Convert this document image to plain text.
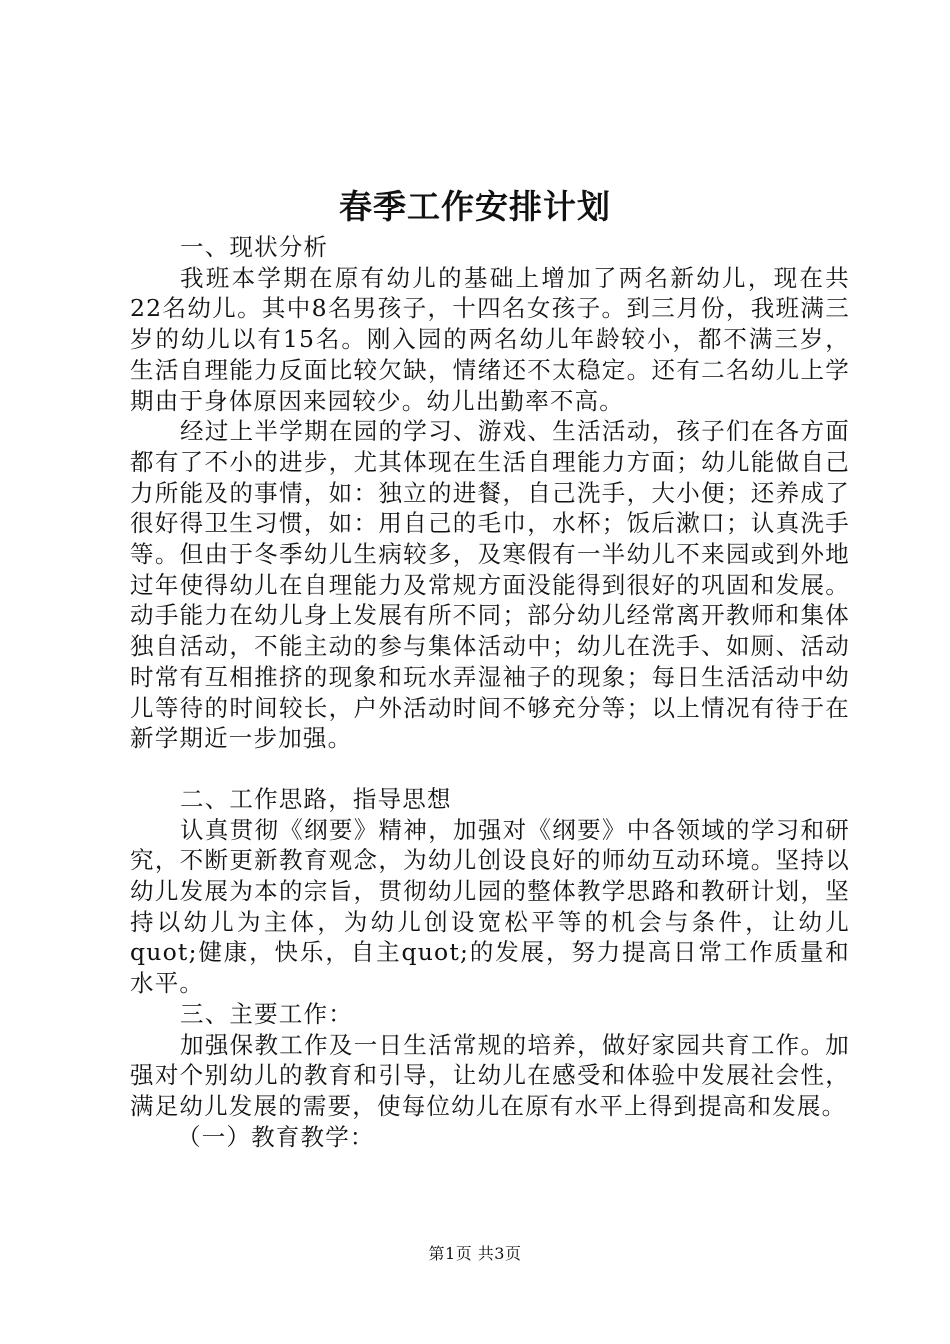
春季工作安排计划
一、现状分析

我班本学期在原有幼儿的基础上增加了两名新幼儿，现在共22名幼儿。其中8名男孩子，十四名女孩子。到三月份，我班满三岁的幼儿以有15名。刚入园的两名幼儿年龄较小，都不满三岁，生活自理能力反面比较欠缺，情绪还不太稳定。还有二名幼儿上学期由于身体原因来园较少。幼儿出勤率不高。

经过上半学期在园的学习、游戏、生活活动，孩子们在各方面都有了不小的进步，尤其体现在生活自理能力方面；幼儿能做自己力所能及的事情，如：独立的进餐，自己洗手，大小便；还养成了很好得卫生习惯，如：用自己的毛巾，水杯；饭后漱口；认真洗手等。但由于冬季幼儿生病较多，及寒假有一半幼儿不来园或到外地过年使得幼儿在自理能力及常规方面没能得到很好的巩固和发展。动手能力在幼儿身上发展有所不同；部分幼儿经常离开教师和集体独自活动，不能主动的参与集体活动中；幼儿在洗手、如厕、活动时常有互相推挤的现象和玩水弄湿袖子的现象；每日生活活动中幼儿等待的时间较长，户外活动时间不够充分等；以上情况有待于在新学期近一步加强。

二、工作思路，指导思想

认真贯彻《纲要》精神，加强对《纲要》中各领域的学习和研究，不断更新教育观念，为幼儿创设良好的师幼互动环境。坚持以幼儿发展为本的宗旨，贯彻幼儿园的整体教学思路和教研计划，坚持以幼儿为主体，为幼儿创设宽松平等的机会与条件，让幼儿quot;健康，快乐，自主quot;的发展，努力提高日常工作质量和水平。

三、主要工作：

加强保教工作及一日生活常规的培养，做好家园共育工作。加强对个别幼儿的教育和引导，让幼儿在感受和体验中发展社会性，满足幼儿发展的需要，使每位幼儿在原有水平上得到提高和发展。

（一）教育教学：
第1页 共3页
